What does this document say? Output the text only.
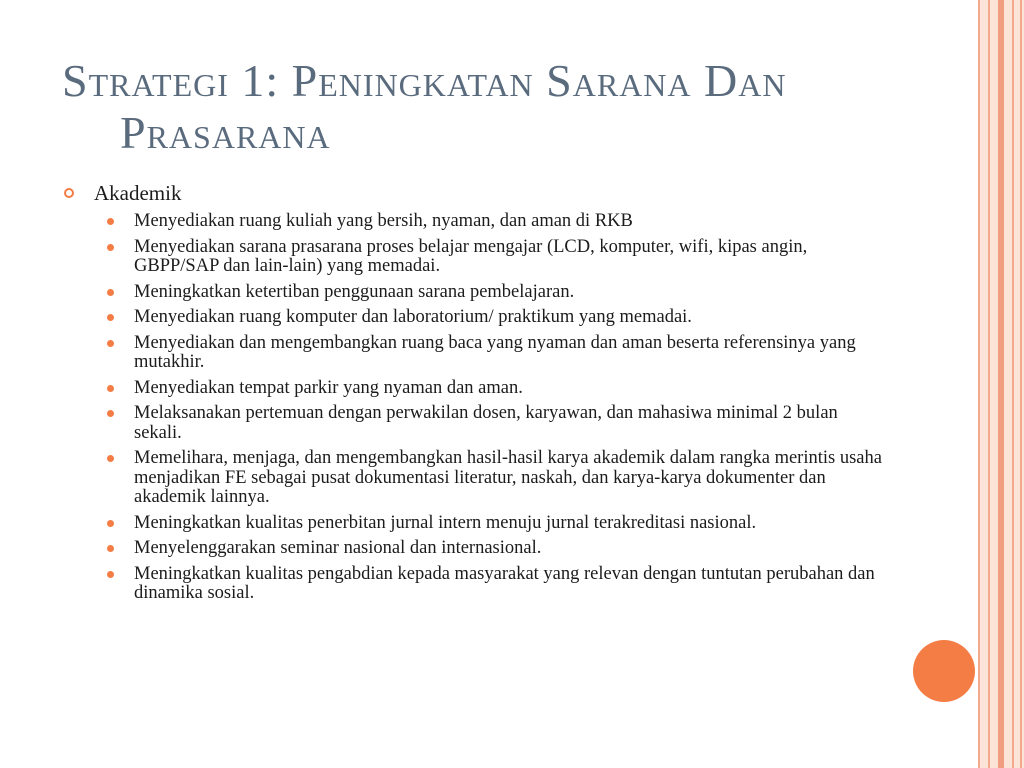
Strategi 1: Peningkatan Sarana Dan
Prasarana
Akademik
Menyediakan ruang kuliah yang bersih, nyaman, dan aman di RKB
Menyediakan sarana prasarana proses belajar mengajar (LCD, komputer, wifi, kipas angin, GBPP/SAP dan lain-lain) yang memadai.
Meningkatkan ketertiban penggunaan sarana pembelajaran.
Menyediakan ruang komputer dan laboratorium/ praktikum yang memadai.
Menyediakan dan mengembangkan ruang baca yang nyaman dan aman beserta referensinya yang mutakhir.
Menyediakan tempat parkir yang nyaman dan aman.
Melaksanakan pertemuan dengan perwakilan dosen, karyawan, dan mahasiwa minimal 2 bulan sekali.
Memelihara, menjaga, dan mengembangkan hasil-hasil karya akademik dalam rangka merintis usaha menjadikan FE sebagai pusat dokumentasi literatur, naskah, dan karya-karya dokumenter dan akademik lainnya.
Meningkatkan kualitas penerbitan jurnal intern menuju jurnal terakreditasi nasional.
Menyelenggarakan seminar nasional dan internasional.
Meningkatkan kualitas pengabdian kepada masyarakat yang relevan dengan tuntutan perubahan dan dinamika sosial.
